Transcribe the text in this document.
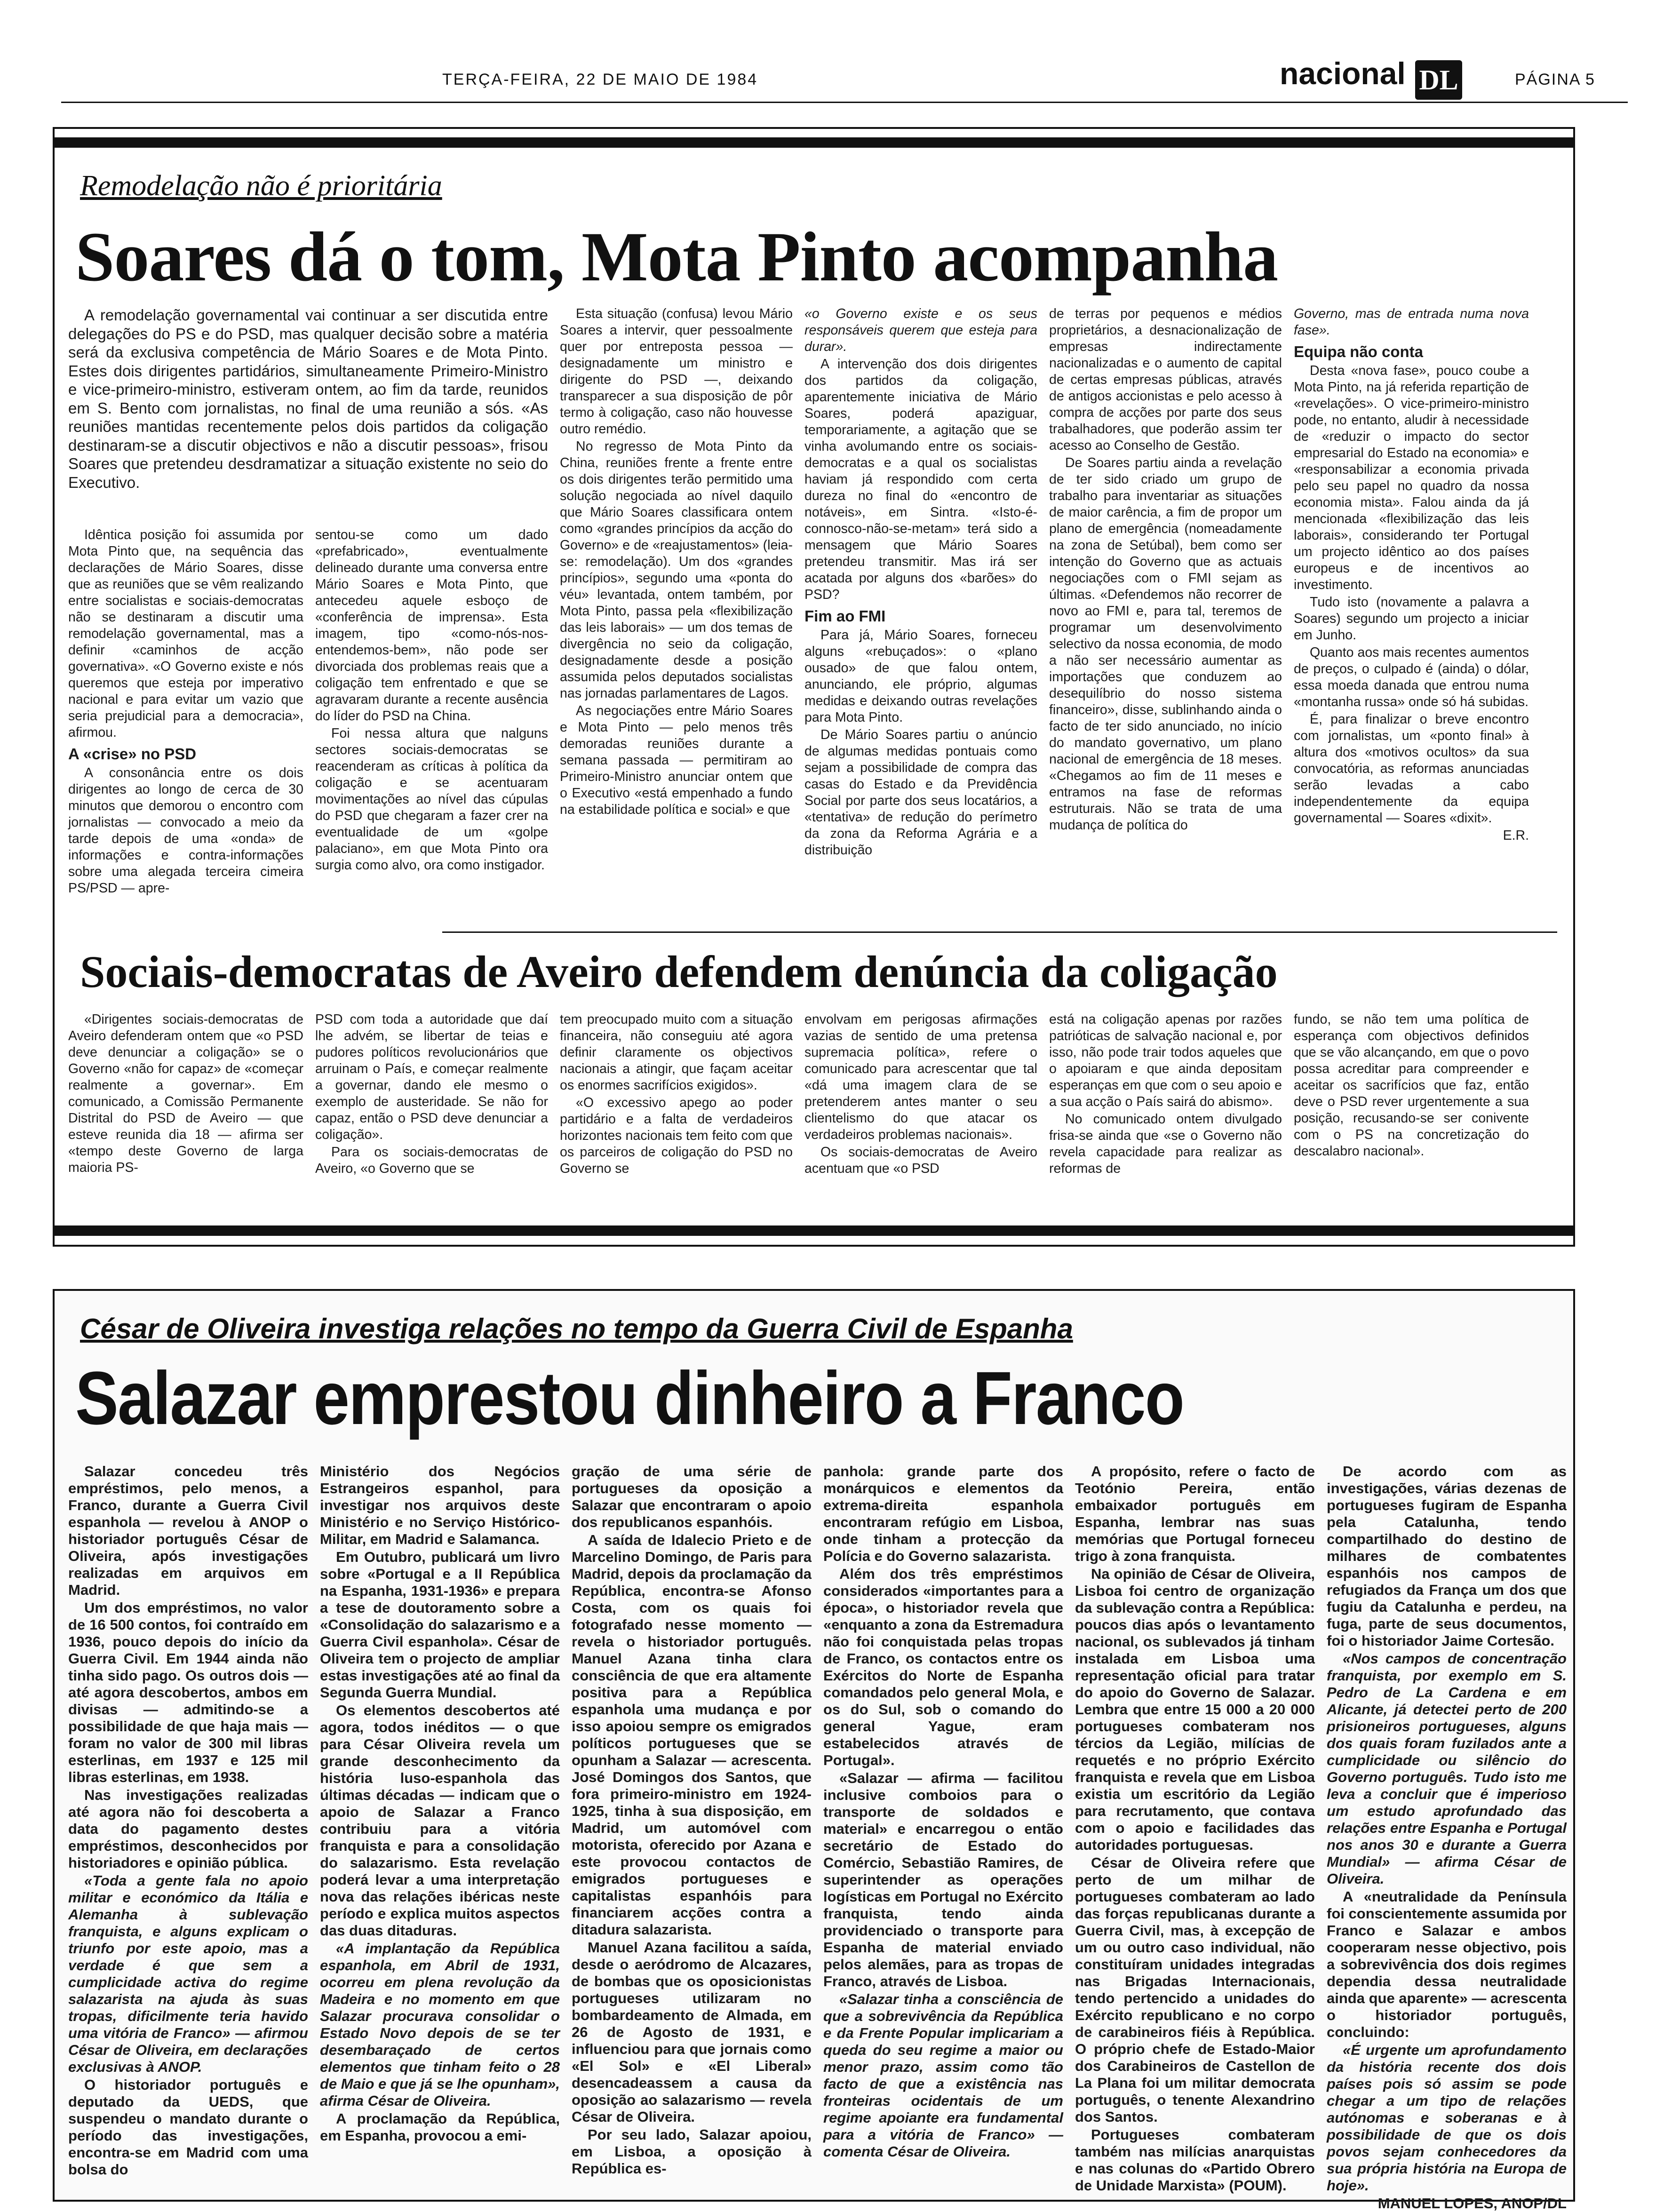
TERÇA-FEIRA, 22 DE MAIO DE 1984	nacional DL	PÁGINA 5
Remodelação não é prioritária
Soares dá o tom, Mota Pinto acompanha

A remodelação governamental vai continuar a ser discutida entre delegações do PS e do PSD, mas qualquer decisão sobre a matéria será da exclusiva competência de Mário Soares e de Mota Pinto. Estes dois dirigentes partidários, simultaneamente Primeiro-Ministro e vice-primeiro-ministro, estiveram ontem, ao fim da tarde, reunidos em S. Bento com jornalistas, no final de uma reunião a sós. «As reuniões mantidas recentemente pelos dois partidos da coligação destinaram-se a discutir objectivos e não a discutir pessoas», frisou Soares que pretendeu desdramatizar a situação existente no seio do Executivo.

Idêntica posição foi assumida por Mota Pinto que, na sequência das declarações de Mário Soares, disse que as reuniões que se vêm realizando entre socialistas e sociais-democratas não se destinaram a discutir uma remodelação governamental, mas a definir «caminhos de acção governativa». «O Governo existe e nós queremos que esteja por imperativo nacional e para evitar um vazio que seria prejudicial para a democracia», afirmou.

A «crise» no PSD

A consonância entre os dois dirigentes ao longo de cerca de 30 minutos que demorou o encontro com jornalistas — convocado a meio da tarde depois de uma «onda» de informações e contra-informações sobre uma alegada terceira cimeira PS/PSD — apre-

sentou-se como um dado «prefabricado», eventualmente delineado durante uma conversa entre Mário Soares e Mota Pinto, que antecedeu aquele esboço de «conferência de imprensa». Esta imagem, tipo «como-nós-nos-entendemos-bem», não pode ser divorciada dos problemas reais que a coligação tem enfrentado e que se agravaram durante a recente ausência do líder do PSD na China.

Foi nessa altura que nalguns sectores sociais-democratas se reacenderam as críticas à política da coligação e se acentuaram movimentações ao nível das cúpulas do PSD que chegaram a fazer crer na eventualidade de um «golpe palaciano», em que Mota Pinto ora surgia como alvo, ora como instigador.

Esta situação (confusa) levou Mário Soares a intervir, quer pessoalmente quer por entreposta pessoa — designadamente um ministro e dirigente do PSD —, deixando transparecer a sua disposição de pôr termo à coligação, caso não houvesse outro remédio.

No regresso de Mota Pinto da China, reuniões frente a frente entre os dois dirigentes terão permitido uma solução negociada ao nível daquilo que Mário Soares classificara ontem como «grandes princípios da acção do Governo» e de «reajustamentos» (leia-se: remodelação). Um dos «grandes princípios», segundo uma «ponta do véu» levantada, ontem também, por Mota Pinto, passa pela «flexibilização das leis laborais» — um dos temas de divergência no seio da coligação, designadamente desde a posição assumida pelos deputados socialistas nas jornadas parlamentares de Lagos.

As negociações entre Mário Soares e Mota Pinto — pelo menos três demoradas reuniões durante a semana passada — permitiram ao Primeiro-Ministro anunciar ontem que o Executivo «está empenhado a fundo na estabilidade política e social» e que

«o Governo existe e os seus responsáveis querem que esteja para durar».

A intervenção dos dois dirigentes dos partidos da coligação, aparentemente iniciativa de Mário Soares, poderá apaziguar, temporariamente, a agitação que se vinha avolumando entre os sociais-democratas e a qual os socialistas haviam já respondido com certa dureza no final do «encontro de notáveis», em Sintra. «Isto-é-connosco-não-se-metam» terá sido a mensagem que Mário Soares pretendeu transmitir. Mas irá ser acatada por alguns dos «barões» do PSD?

Fim ao FMI

Para já, Mário Soares, forneceu alguns «rebuçados»: o «plano ousado» de que falou ontem, anunciando, ele próprio, algumas medidas e deixando outras revelações para Mota Pinto.

De Mário Soares partiu o anúncio de algumas medidas pontuais como sejam a possibilidade de compra das casas do Estado e da Previdência Social por parte dos seus locatários, a «tentativa» de redução do perímetro da zona da Reforma Agrária e a distribuição

de terras por pequenos e médios proprietários, a desnacionalização de empresas indirectamente nacionalizadas e o aumento de capital de certas empresas públicas, através de antigos accionistas e pelo acesso à compra de acções por parte dos seus trabalhadores, que poderão assim ter acesso ao Conselho de Gestão.

De Soares partiu ainda a revelação de ter sido criado um grupo de trabalho para inventariar as situações de maior carência, a fim de propor um plano de emergência (nomeadamente na zona de Setúbal), bem como ser intenção do Governo que as actuais negociações com o FMI sejam as últimas. «Defendemos não recorrer de novo ao FMI e, para tal, teremos de programar um desenvolvimento selectivo da nossa economia, de modo a não ser necessário aumentar as importações que conduzem ao desequilíbrio do nosso sistema financeiro», disse, sublinhando ainda o facto de ter sido anunciado, no início do mandato governativo, um plano nacional de emergência de 18 meses. «Chegamos ao fim de 11 meses e entramos na fase de reformas estruturais. Não se trata de uma mudança de política do

Governo, mas de entrada numa nova fase».

Equipa não conta

Desta «nova fase», pouco coube a Mota Pinto, na já referida repartição de «revelações». O vice-primeiro-ministro pode, no entanto, aludir à necessidade de «reduzir o impacto do sector empresarial do Estado na economia» e «responsabilizar a economia privada pelo seu papel no quadro da nossa economia mista». Falou ainda da já mencionada «flexibilização das leis laborais», considerando ter Portugal um projecto idêntico ao dos países europeus e de incentivos ao investimento.

Tudo isto (novamente a palavra a Soares) segundo um projecto a iniciar em Junho.

Quanto aos mais recentes aumentos de preços, o culpado é (ainda) o dólar, essa moeda danada que entrou numa «montanha russa» onde só há subidas.

É, para finalizar o breve encontro com jornalistas, um «ponto final» à altura dos «motivos ocultos» da sua convocatória, as reformas anunciadas serão levadas a cabo independentemente da equipa governamental — Soares «dixit».

E.R.

Sociais-democratas de Aveiro defendem denúncia da coligação

«Dirigentes sociais-democratas de Aveiro defenderam ontem que «o PSD deve denunciar a coligação» se o Governo «não for capaz» de «começar realmente a governar». Em comunicado, a Comissão Permanente Distrital do PSD de Aveiro — que esteve reunida dia 18 — afirma ser «tempo deste Governo de larga maioria PS-

PSD com toda a autoridade que daí lhe advém, se libertar de teias e pudores políticos revolucionários que arruinam o País, e começar realmente a governar, dando ele mesmo o exemplo de austeridade. Se não for capaz, então o PSD deve denunciar a coligação».

Para os sociais-democratas de Aveiro, «o Governo que se

tem preocupado muito com a situação financeira, não conseguiu até agora definir claramente os objectivos nacionais a atingir, que façam aceitar os enormes sacrifícios exigidos».

«O excessivo apego ao poder partidário e a falta de verdadeiros horizontes nacionais tem feito com que os parceiros de coligação do PSD no Governo se

envolvam em perigosas afirmações vazias de sentido de uma pretensa supremacia política», refere o comunicado para acrescentar que tal «dá uma imagem clara de se pretenderem antes manter o seu clientelismo do que atacar os verdadeiros problemas nacionais».

Os sociais-democratas de Aveiro acentuam que «o PSD

está na coligação apenas por razões patrióticas de salvação nacional e, por isso, não pode trair todos aqueles que o apoiaram e que ainda depositam esperanças em que com o seu apoio e a sua acção o País sairá do abismo».

No comunicado ontem divulgado frisa-se ainda que «se o Governo não revela capacidade para realizar as reformas de

fundo, se não tem uma política de esperança com objectivos definidos que se vão alcançando, em que o povo possa acreditar para compreender e aceitar os sacrifícios que faz, então deve o PSD rever urgentemente a sua posição, recusando-se ser conivente com o PS na concretização do descalabro nacional».

César de Oliveira investiga relações no tempo da Guerra Civil de Espanha
Salazar emprestou dinheiro a Franco

Salazar concedeu três empréstimos, pelo menos, a Franco, durante a Guerra Civil espanhola — revelou à ANOP o historiador português César de Oliveira, após investigações realizadas em arquivos em Madrid.

Um dos empréstimos, no valor de 16 500 contos, foi contraído em 1936, pouco depois do início da Guerra Civil. Em 1944 ainda não tinha sido pago. Os outros dois — até agora descobertos, ambos em divisas — admitindo-se a possibilidade de que haja mais — foram no valor de 300 mil libras esterlinas, em 1937 e 125 mil libras esterlinas, em 1938.

Nas investigações realizadas até agora não foi descoberta a data do pagamento destes empréstimos, desconhecidos por historiadores e opinião pública.

«Toda a gente fala no apoio militar e económico da Itália e Alemanha à sublevação franquista, e alguns explicam o triunfo por este apoio, mas a verdade é que sem a cumplicidade activa do regime salazarista na ajuda às suas tropas, dificilmente teria havido uma vitória de Franco» — afirmou César de Oliveira, em declarações exclusivas à ANOP.

O historiador português e deputado da UEDS, que suspendeu o mandato durante o período das investigações, encontra-se em Madrid com uma bolsa do

Ministério dos Negócios Estrangeiros espanhol, para investigar nos arquivos deste Ministério e no Serviço Histórico-Militar, em Madrid e Salamanca.

Em Outubro, publicará um livro sobre «Portugal e a II República na Espanha, 1931-1936» e prepara a tese de doutoramento sobre a «Consolidação do salazarismo e a Guerra Civil espanhola». César de Oliveira tem o projecto de ampliar estas investigações até ao final da Segunda Guerra Mundial.

Os elementos descobertos até agora, todos inéditos — o que para César Oliveira revela um grande desconhecimento da história luso-espanhola das últimas décadas — indicam que o apoio de Salazar a Franco contribuiu para a vitória franquista e para a consolidação do salazarismo. Esta revelação poderá levar a uma interpretação nova das relações ibéricas neste período e explica muitos aspectos das duas ditaduras.

«A implantação da República espanhola, em Abril de 1931, ocorreu em plena revolução da Madeira e no momento em que Salazar procurava consolidar o Estado Novo depois de se ter desembaraçado de certos elementos que tinham feito o 28 de Maio e que já se lhe opunham», afirma César de Oliveira.

A proclamação da República, em Espanha, provocou a emi-

gração de uma série de portugueses da oposição a Salazar que encontraram o apoio dos republicanos espanhóis.

A saída de Idalecio Prieto e de Marcelino Domingo, de Paris para Madrid, depois da proclamação da República, encontra-se Afonso Costa, com os quais foi fotografado nesse momento — revela o historiador português. Manuel Azana tinha clara consciência de que era altamente positiva para a República espanhola uma mudança e por isso apoiou sempre os emigrados políticos portugueses que se opunham a Salazar — acrescenta. José Domingos dos Santos, que fora primeiro-ministro em 1924-1925, tinha à sua disposição, em Madrid, um automóvel com motorista, oferecido por Azana e este provocou contactos de emigrados portugueses e capitalistas espanhóis para financiarem acções contra a ditadura salazarista.

Manuel Azana facilitou a saída, desde o aeródromo de Alcazares, de bombas que os oposicionistas portugueses utilizaram no bombardeamento de Almada, em 26 de Agosto de 1931, e influenciou para que jornais como «El Sol» e «El Liberal» desencadeassem a causa da oposição ao salazarismo — revela César de Oliveira.

Por seu lado, Salazar apoiou, em Lisboa, a oposição à República es-

panhola: grande parte dos monárquicos e elementos da extrema-direita espanhola encontraram refúgio em Lisboa, onde tinham a protecção da Polícia e do Governo salazarista.

Além dos três empréstimos considerados «importantes para a época», o historiador revela que «enquanto a zona da Estremadura não foi conquistada pelas tropas de Franco, os contactos entre os Exércitos do Norte de Espanha comandados pelo general Mola, e os do Sul, sob o comando do general Yague, eram estabelecidos através de Portugal».

«Salazar — afirma — facilitou inclusive comboios para o transporte de soldados e material» e encarregou o então secretário de Estado do Comércio, Sebastião Ramires, de superintender as operações logísticas em Portugal no Exército franquista, tendo ainda providenciado o transporte para Espanha de material enviado pelos alemães, para as tropas de Franco, através de Lisboa.

«Salazar tinha a consciência de que a sobrevivência da República e da Frente Popular implicariam a queda do seu regime a maior ou menor prazo, assim como tão facto de que a existência nas fronteiras ocidentais de um regime apoiante era fundamental para a vitória de Franco» — comenta César de Oliveira.

A propósito, refere o facto de Teotónio Pereira, então embaixador português em Espanha, lembrar nas suas memórias que Portugal forneceu trigo à zona franquista.

Na opinião de César de Oliveira, Lisboa foi centro de organização da sublevação contra a República: poucos dias após o levantamento nacional, os sublevados já tinham instalada em Lisboa uma representação oficial para tratar do apoio do Governo de Salazar. Lembra que entre 15 000 a 20 000 portugueses combateram nos tércios da Legião, milícias de requetés e no próprio Exército franquista e revela que em Lisboa existia um escritório da Legião para recrutamento, que contava com o apoio e facilidades das autoridades portuguesas.

César de Oliveira refere que perto de um milhar de portugueses combateram ao lado das forças republicanas durante a Guerra Civil, mas, à excepção de um ou outro caso individual, não constituíram unidades integradas nas Brigadas Internacionais, tendo pertencido a unidades do Exército republicano e no corpo de carabineiros fiéis à República. O próprio chefe de Estado-Maior dos Carabineiros de Castellon de La Plana foi um militar democrata português, o tenente Alexandrino dos Santos.

Portugueses combateram também nas milícias anarquistas e nas colunas do «Partido Obrero de Unidade Marxista» (POUM).

De acordo com as investigações, várias dezenas de portugueses fugiram de Espanha pela Catalunha, tendo compartilhado do destino de milhares de combatentes espanhóis nos campos de refugiados da França um dos que fugiu da Catalunha e perdeu, na fuga, parte de seus documentos, foi o historiador Jaime Cortesão.

«Nos campos de concentração franquista, por exemplo em S. Pedro de La Cardena e em Alicante, já detectei perto de 200 prisioneiros portugueses, alguns dos quais foram fuzilados ante a cumplicidade ou silêncio do Governo português. Tudo isto me leva a concluir que é imperioso um estudo aprofundado das relações entre Espanha e Portugal nos anos 30 e durante a Guerra Mundial» — afirma César de Oliveira.

A «neutralidade da Península foi conscientemente assumida por Franco e Salazar e ambos cooperaram nesse objectivo, pois a sobrevivência dos dois regimes dependia dessa neutralidade ainda que aparente» — acrescenta o historiador português, concluindo:

«É urgente um aprofundamento da história recente dos dois países pois só assim se pode chegar a um tipo de relações autónomas e soberanas e à possibilidade de que os dois povos sejam conhecedores da sua própria história na Europa de hoje».

MANUEL LOPES, ANOP/DL
